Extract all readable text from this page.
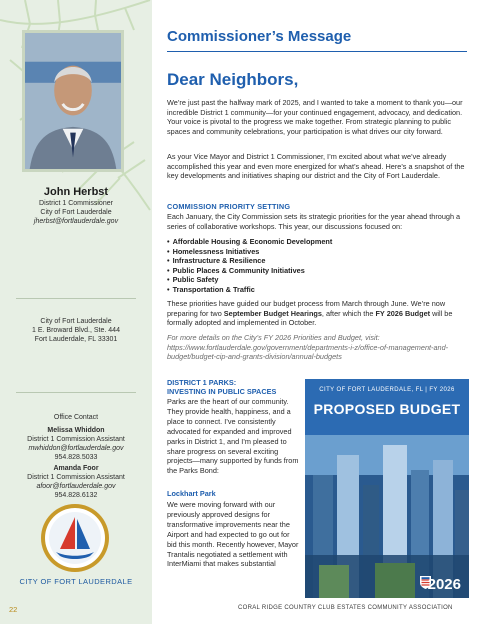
John Herbst
District 1 Commissioner
City of Fort Lauderdale
jherbst@fortlauderdale.gov
City of Fort Lauderdale
1 E. Broward Blvd., Ste. 444
Fort Lauderdale, FL 33301
Office Contact
Melissa Whiddon
District 1 Commission Assistant
mwhiddon@fortlauderdale.gov
954.828.5033
Amanda Foor
District 1 Commission Assistant
afoor@fortlauderdale.gov
954.828.6132
CITY OF FORT LAUDERDALE
22
Commissioner’s Message
Dear Neighbors,

We’re just past the halfway mark of 2025, and I wanted to take a moment to thank you—our incredible District 1 community—for your continued engagement, advocacy, and dedication. Your voice is pivotal to the progress we make together. From strategic planning to public spaces and community celebrations, your participation is what drives our city forward.

As your Vice Mayor and District 1 Commissioner, I’m excited about what we’ve already accomplished this year and even more energized for what’s ahead. Here’s a snapshot of the key developments and initiatives shaping our district and the City of Fort Lauderdale.

COMMISSION PRIORITY SETTING

Each January, the City Commission sets its strategic priorities for the year ahead through a series of collaborative workshops. This year, our discussions focused on:

• Affordable Housing & Economic Development
• Homelessness Initiatives
• Infrastructure & Resilience
• Public Places & Community Initiatives
• Public Safety
• Transportation & Traffic

These priorities have guided our budget process from March through June. We’re now preparing for two September Budget Hearings, after which the FY 2026 Budget will be formally adopted and implemented in October.

For more details on the City’s FY 2026 Priorities and Budget, visit: https://www.fortlauderdale.gov/government/departments-i-z/office-of-management-and-budget/budget-cip-and-grants-division/annual-budgets

DISTRICT 1 PARKS:
INVESTING IN PUBLIC SPACES

Parks are the heart of our community. They provide health, happiness, and a place to connect. I’ve consistently advocated for expanded and improved parks in District 1, and I’m pleased to share progress on several exciting projects—many supported by funds from the Parks Bond:

Lockhart Park

We were moving forward with our previously approved designs for transformative improvements near the Airport and had expected to go out for bid this month. Recently however, Mayor Trantalis negotiated a settlement with InterMiami that makes substantial

CITY OF FORT LAUDERDALE, FL | FY 2026
PROPOSED BUDGET
2026
CORAL RIDGE COUNTRY CLUB ESTATES COMMUNITY ASSOCIATION
